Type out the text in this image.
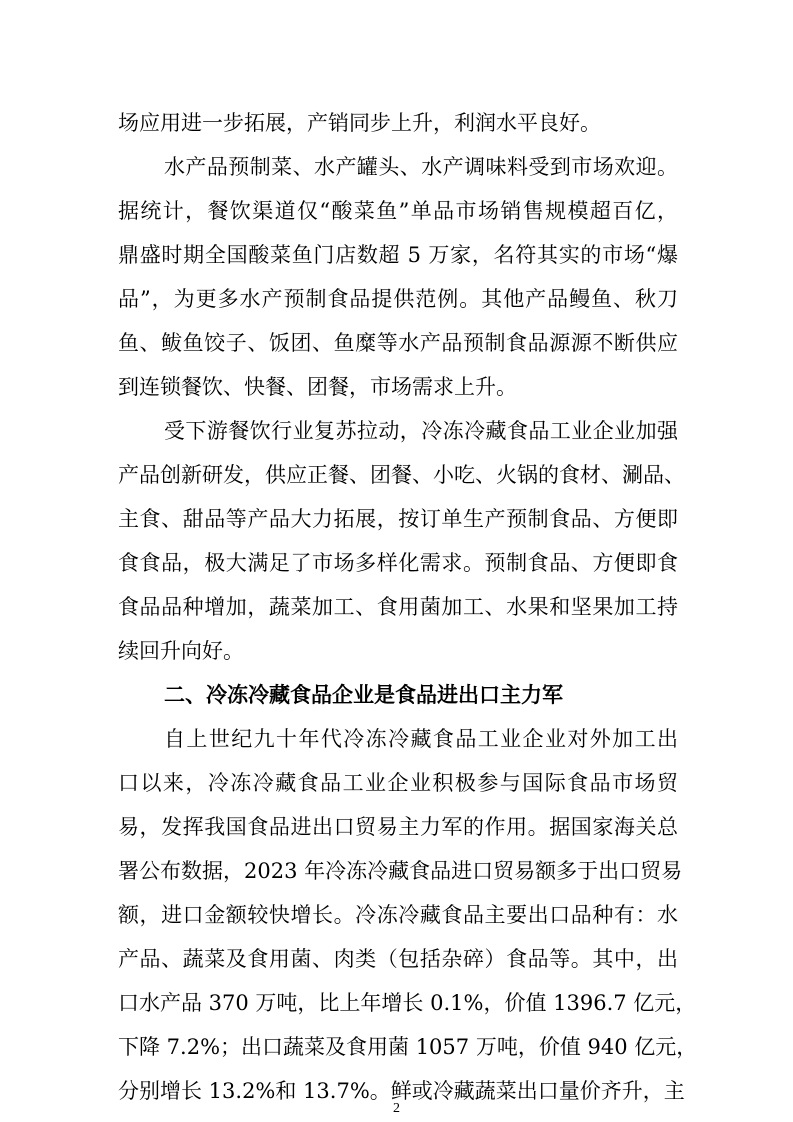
场应用进一步拓展，产销同步上升，利润水平良好。
水产品预制菜、水产罐头、水产调味料受到市场欢迎。
据统计，餐饮渠道仅“酸菜鱼”单品市场销售规模超百亿，
鼎盛时期全国酸菜鱼门店数超 5 万家，名符其实的市场“爆
品”，为更多水产预制食品提供范例。其他产品鳗鱼、秋刀
鱼、鲅鱼饺子、饭团、鱼糜等水产品预制食品源源不断供应
到连锁餐饮、快餐、团餐，市场需求上升。
受下游餐饮行业复苏拉动，冷冻冷藏食品工业企业加强
产品创新研发，供应正餐、团餐、小吃、火锅的食材、涮品、
主食、甜品等产品大力拓展，按订单生产预制食品、方便即
食食品，极大满足了市场多样化需求。预制食品、方便即食
食品品种增加，蔬菜加工、食用菌加工、水果和坚果加工持
续回升向好。
二、冷冻冷藏食品企业是食品进出口主力军
自上世纪九十年代冷冻冷藏食品工业企业对外加工出
口以来，冷冻冷藏食品工业企业积极参与国际食品市场贸
易，发挥我国食品进出口贸易主力军的作用。据国家海关总
署公布数据，2023 年冷冻冷藏食品进口贸易额多于出口贸易
额，进口金额较快增长。冷冻冷藏食品主要出口品种有：水
产品、蔬菜及食用菌、肉类（包括杂碎）食品等。其中，出
2
口水产品 370 万吨，比上年增长 0.1%，价值 1396.7 亿元，
下降 7.2%；出口蔬菜及食用菌 1057 万吨，价值 940 亿元，
分别增长 13.2%和 13.7%。鲜或冷藏蔬菜出口量价齐升，主
